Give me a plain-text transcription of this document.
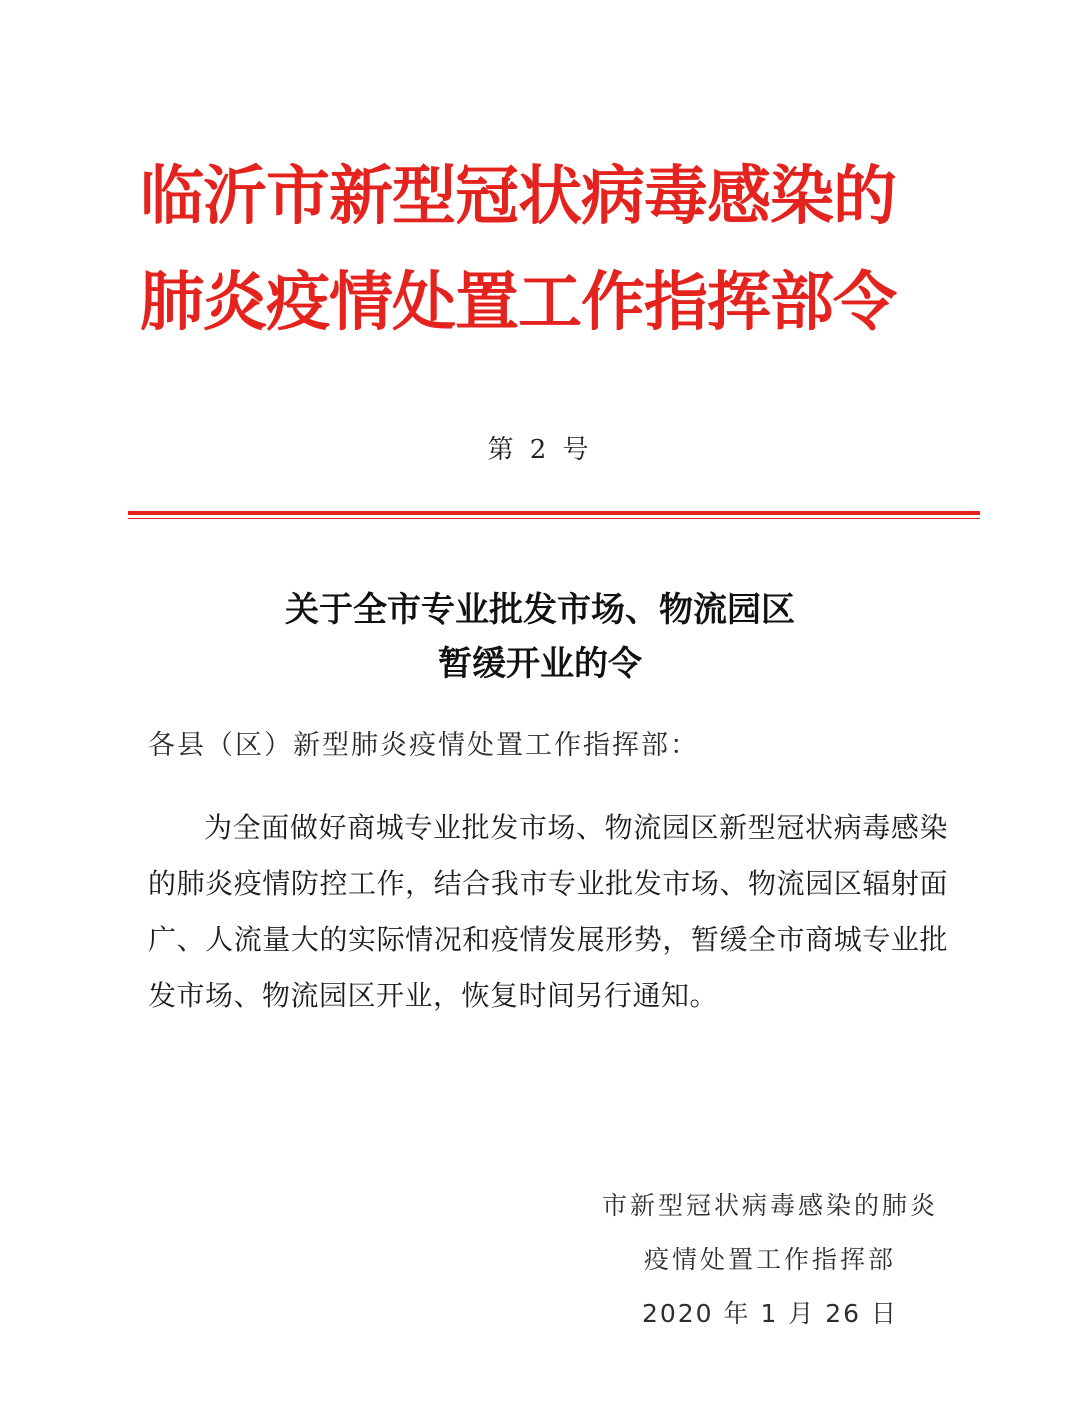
临沂市新型冠状病毒感染的
肺炎疫情处置工作指挥部令
第 2 号
关于全市专业批发市场、物流园区
暂缓开业的令
各县（区）新型肺炎疫情处置工作指挥部：
为全面做好商城专业批发市场、物流园区新型冠状病毒感染的肺炎疫情防控工作，结合我市专业批发市场、物流园区辐射面广、人流量大的实际情况和疫情发展形势，暂缓全市商城专业批发市场、物流园区开业，恢复时间另行通知。
市新型冠状病毒感染的肺炎
疫情处置工作指挥部
2020 年 1 月 26 日
